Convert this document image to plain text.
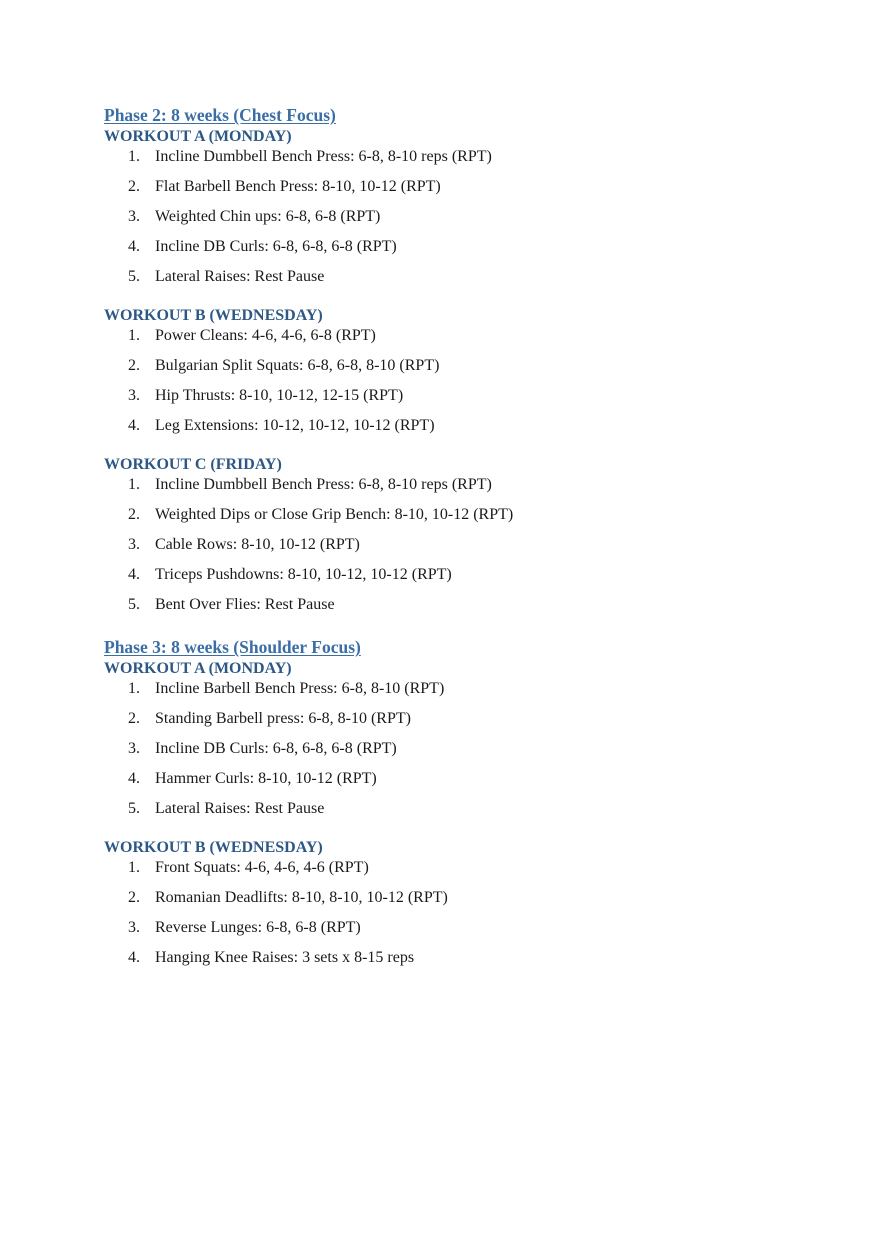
Phase 2: 8 weeks (Chest Focus)
WORKOUT A (MONDAY)
1. Incline Dumbbell Bench Press: 6-8, 8-10 reps (RPT)
2. Flat Barbell Bench Press: 8-10, 10-12 (RPT)
3. Weighted Chin ups: 6-8, 6-8 (RPT)
4. Incline DB Curls: 6-8, 6-8, 6-8 (RPT)
5. Lateral Raises: Rest Pause
WORKOUT B (WEDNESDAY)
1. Power Cleans: 4-6, 4-6, 6-8 (RPT)
2. Bulgarian Split Squats: 6-8, 6-8, 8-10 (RPT)
3. Hip Thrusts: 8-10, 10-12, 12-15 (RPT)
4. Leg Extensions: 10-12, 10-12, 10-12 (RPT)
WORKOUT C (FRIDAY)
1. Incline Dumbbell Bench Press: 6-8, 8-10 reps (RPT)
2. Weighted Dips or Close Grip Bench: 8-10, 10-12 (RPT)
3. Cable Rows: 8-10, 10-12 (RPT)
4. Triceps Pushdowns: 8-10, 10-12, 10-12 (RPT)
5. Bent Over Flies: Rest Pause
Phase 3: 8 weeks (Shoulder Focus)
WORKOUT A (MONDAY)
1. Incline Barbell Bench Press: 6-8, 8-10 (RPT)
2. Standing Barbell press: 6-8, 8-10 (RPT)
3. Incline DB Curls: 6-8, 6-8, 6-8 (RPT)
4. Hammer Curls: 8-10, 10-12 (RPT)
5. Lateral Raises: Rest Pause
WORKOUT B (WEDNESDAY)
1. Front Squats: 4-6, 4-6, 4-6 (RPT)
2. Romanian Deadlifts: 8-10, 8-10, 10-12 (RPT)
3. Reverse Lunges: 6-8, 6-8 (RPT)
4. Hanging Knee Raises: 3 sets x 8-15 reps
